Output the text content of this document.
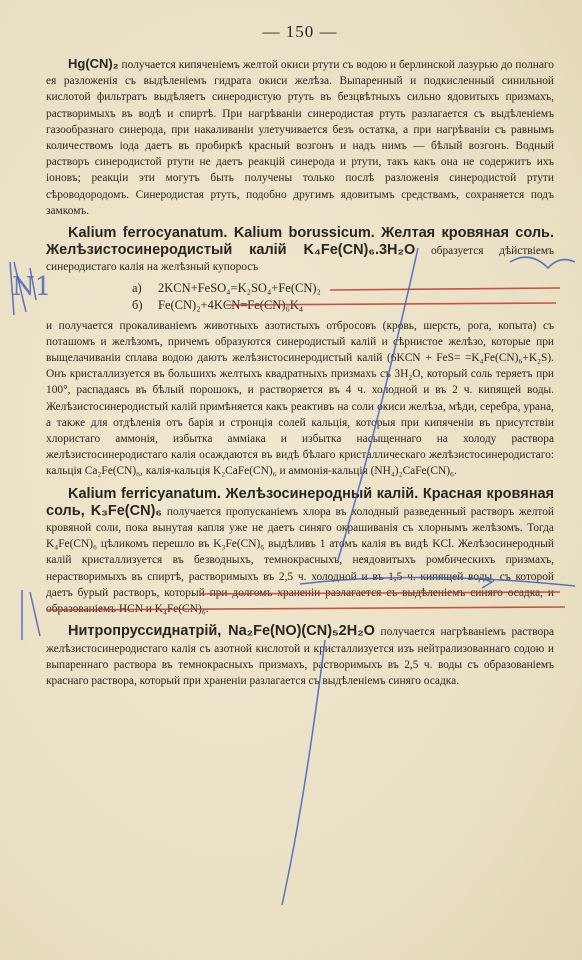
— 150 —

Hg(CN)₂ получается кипяченіемъ желтой окиси ртути съ водою и берлинской лазурью до полнаго ея разложенія съ выдѣленіемъ гидрата окиси желѣза. Выпаренный и подкисленный синильной кислотой фильтратъ выдѣляетъ синеродистую ртуть въ безцвѣтныхъ сильно ядовитыхъ призмахъ, растворимыхъ въ водѣ и спиртѣ. При нагрѣваніи синеродистая ртуть разлагается съ выдѣленіемъ газообразнаго синерода, при накаливаніи улетучивается безъ остатка, а при нагрѣваніи съ равнымъ количествомъ іода даетъ въ пробиркѣ красный возгонъ и надъ нимъ — бѣлый возгонъ. Водный растворъ синеродистой ртути не даетъ реакцій синерода и ртути, такъ какъ она не содержитъ ихъ іоновъ; реакціи эти могутъ быть получены только послѣ разложенія синеродистой ртути сѣроводородомъ. Синеродистая ртуть, подобно другимъ ядовитымъ средствамъ, сохраняется подъ замкомъ.

Kalium ferrocyanatum. Kalium borussicum. Желтая кровяная соль. Желѣзистосинеродистый калій K₄Fe(CN)₆.3H₂O образуется дѣйствіемъ синеродистаго калія на желѣзный купоросъ

а) 2KCN+FeSO₄=K₂SO₄+Fe(CN)₂
б) Fe(CN)₂+4KCN=Fe(CN)₆K₄

и получается прокаливаніемъ животныхъ азотистыхъ отбросовъ (кровь, шерсть, рога, копыта) съ поташомъ и желѣзомъ, причемъ образуются синеродистый калій и сѣрнистое желѣзо, которые при выщелачиваніи сплава водою даютъ желѣзистосинеродистый калій (6KCN + FeS= =K₄Fe(CN)₆+K₂S). Онъ кристаллизуется въ большихъ желтыхъ квадратныхъ призмахъ съ 3H₂O, который соль теряетъ при 100°, распадаясь въ бѣлый порошокъ, и растворяется въ 4 ч. холодной и въ 2 ч. кипящей воды. Желѣзистосинеродистый калій примѣняется какъ реактивъ на соли окиси желѣза, мѣди, серебра, урана, а также для отдѣленія отъ барія и стронція солей кальція, которыя при кипяченіи въ присутствіи хлористаго аммонія, избытка аммiака и избытка насыщеннаго на холоду раствора желѣзистосинеродистаго калія осаждаются въ видѣ бѣлаго кристаллическаго желѣзистосинеродистаго: кальція Ca₂Fe(CN)₆, калія-кальція K₂CaFe(CN)₆ и аммонія-кальція (NH₄)₂CaFe(CN)₆.

Kalium ferricyanatum. Желѣзосинеродный калій. Красная кровяная соль, K₃Fe(CN)₆ получается пропусканіемъ хлора въ холодный разведенный растворъ желтой кровяной соли, пока вынутая капля уже не даетъ синяго окрашиванія съ хлорнымъ желѣзомъ. Тогда K₄Fe(CN)₆ цѣликомъ перешло въ K₃Fe(CN)₆ выдѣливъ 1 атомъ калія въ видѣ KCl. Желѣзосинеродный калій кристаллизуется въ безводныхъ, темнокрасныхъ, неядовитыхъ ромбическихъ призмахъ, нерастворимыхъ въ спиртѣ, растворимыхъ въ 2,5 ч. холодной и въ 1,5 ч. кипящей воды, съ которой даетъ бурый растворъ, который при долгомъ храненіи разлагается съ выдѣленіемъ синяго осадка, и образованіемъ HCN и K₄Fe(CN)₆.

Нитропруссиднатрій, Na₂Fe(NO)(CN)₅2H₂O получается нагрѣваніемъ раствора желѣзистосинеродистаго калія съ азотной кислотой и кристаллизуется изъ нейтрализованнаго содою и выпареннаго раствора въ темнокрасныхъ призмахъ, растворимыхъ въ 2,5 ч. воды съ образованіемъ краснаго раствора, который при храненіи разлагается съ выдѣленіемъ синяго осадка.

N1
